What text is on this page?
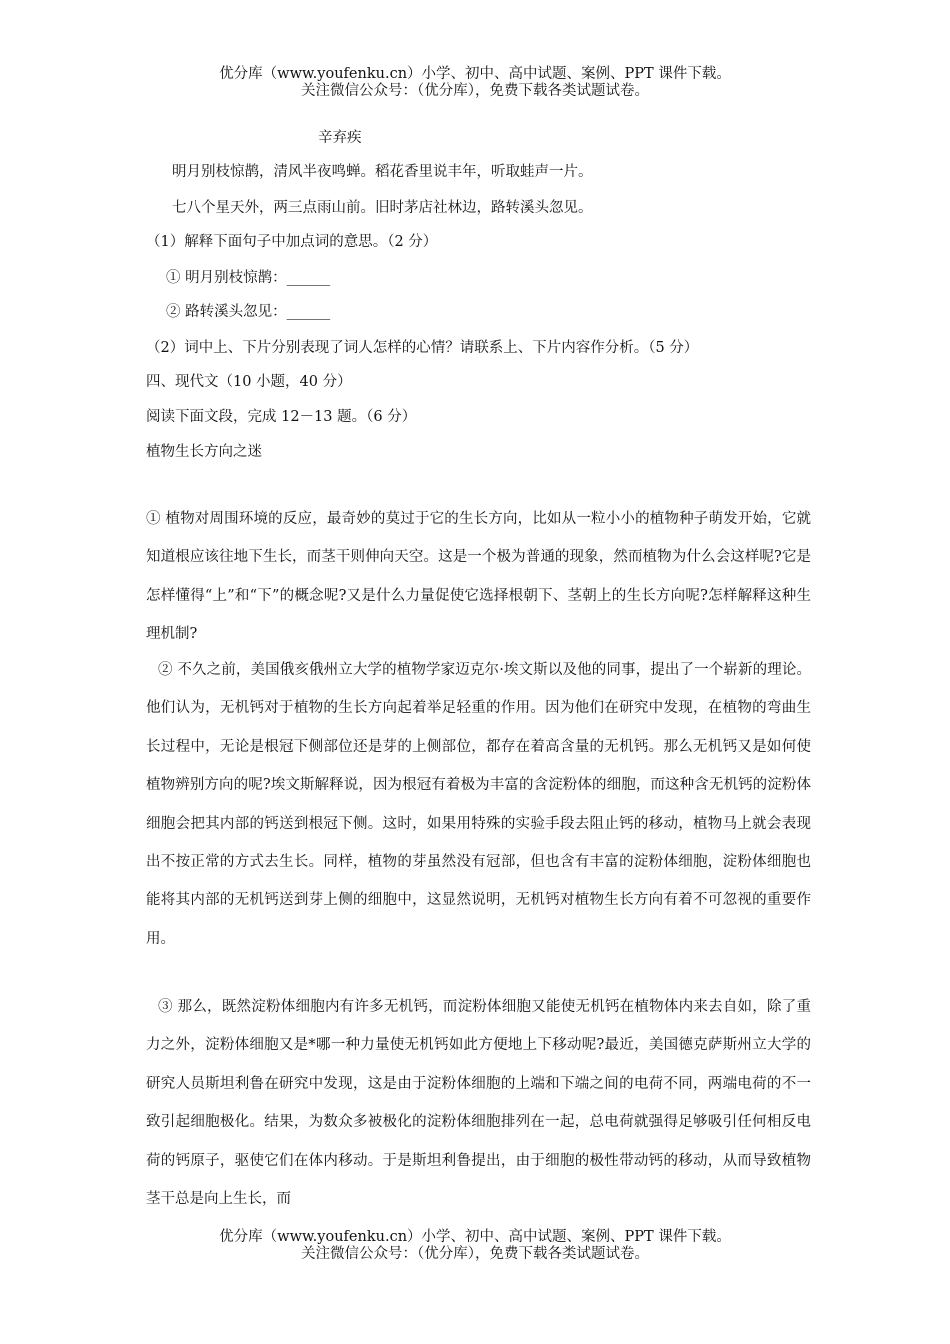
优分库（www.youfenku.cn）小学、初中、高中试题、案例、PPT 课件下载。
关注微信公众号：（优分库），免费下载各类试题试卷。
辛弃疾
明月别枝惊鹊，清风半夜鸣蝉。稻花香里说丰年，听取蛙声一片。
七八个星天外，两三点雨山前。旧时茅店社林边，路转溪头忽见。
（1）解释下面句子中加点词的意思。（2 分）
① 明月别枝惊鹊：______
② 路转溪头忽见：______
（2）词中上、下片分别表现了词人怎样的心情？请联系上、下片内容作分析。（5 分）
四、现代文（10 小题，40 分）
阅读下面文段，完成 12－13 题。（6 分）
植物生长方向之迷

① 植物对周围环境的反应，最奇妙的莫过于它的生长方向，比如从一粒小小的植物种子萌发开始，它就知道根应该往地下生长，而茎干则伸向天空。这是一个极为普通的现象，然而植物为什么会这样呢?它是怎样懂得“上”和“下”的概念呢?又是什么力量促使它选择根朝下、茎朝上的生长方向呢?怎样解释这种生理机制?

② 不久之前，美国俄亥俄州立大学的植物学家迈克尔·埃文斯以及他的同事，提出了一个崭新的理论。他们认为，无机钙对于植物的生长方向起着举足轻重的作用。因为他们在研究中发现，在植物的弯曲生长过程中，无论是根冠下侧部位还是芽的上侧部位，都存在着高含量的无机钙。那么无机钙又是如何使植物辨别方向的呢?埃文斯解释说，因为根冠有着极为丰富的含淀粉体的细胞，而这种含无机钙的淀粉体细胞会把其内部的钙送到根冠下侧。这时，如果用特殊的实验手段去阻止钙的移动，植物马上就会表现出不按正常的方式去生长。同样，植物的芽虽然没有冠部，但也含有丰富的淀粉体细胞，淀粉体细胞也能将其内部的无机钙送到芽上侧的细胞中，这显然说明，无机钙对植物生长方向有着不可忽视的重要作用。

③ 那么，既然淀粉体细胞内有许多无机钙，而淀粉体细胞又能使无机钙在植物体内来去自如，除了重力之外，淀粉体细胞又是*哪一种力量使无机钙如此方便地上下移动呢?最近，美国德克萨斯州立大学的研究人员斯坦利鲁在研究中发现，这是由于淀粉体细胞的上端和下端之间的电荷不同，两端电荷的不一致引起细胞极化。结果，为数众多被极化的淀粉体细胞排列在一起，总电荷就强得足够吸引任何相反电荷的钙原子，驱使它们在体内移动。于是斯坦利鲁提出，由于细胞的极性带动钙的移动，从而导致植物茎干总是向上生长，而

优分库（www.youfenku.cn）小学、初中、高中试题、案例、PPT 课件下载。
关注微信公众号：（优分库），免费下载各类试题试卷。
